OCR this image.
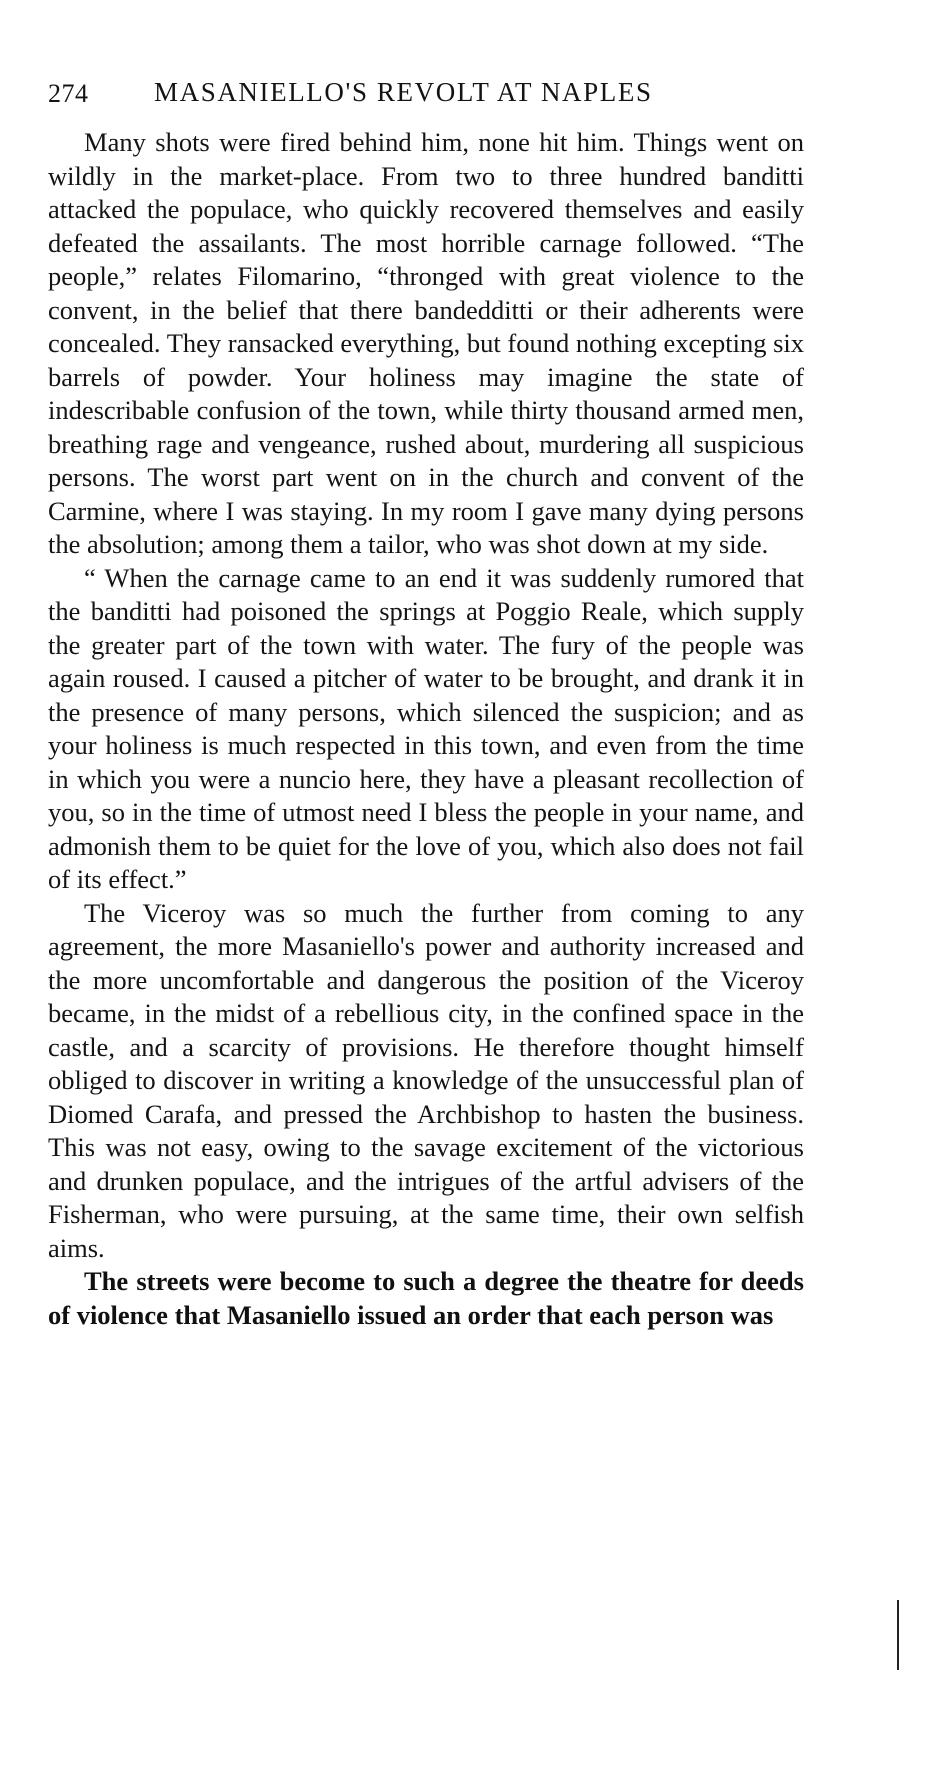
274 MASANIELLO'S REVOLT AT NAPLES

Many shots were fired behind him, none hit him. Things went on wildly in the market-place. From two to three hundred banditti attacked the populace, who quickly recovered themselves and easily defeated the assailants. The most horrible carnage followed. “The people,” relates Filomarino, “thronged with great violence to the convent, in the belief that there bandedditti or their adherents were concealed. They ransacked everything, but found nothing excepting six barrels of powder. Your holiness may imagine the state of indescribable confusion of the town, while thirty thousand armed men, breathing rage and vengeance, rushed about, murdering all suspicious persons. The worst part went on in the church and convent of the Carmine, where I was staying. In my room I gave many dying persons the absolution; among them a tailor, who was shot down at my side.

“ When the carnage came to an end it was suddenly rumored that the banditti had poisoned the springs at Poggio Reale, which supply the greater part of the town with water. The fury of the people was again roused. I caused a pitcher of water to be brought, and drank it in the presence of many persons, which silenced the suspicion; and as your holiness is much respected in this town, and even from the time in which you were a nuncio here, they have a pleasant recollection of you, so in the time of utmost need I bless the people in your name, and admonish them to be quiet for the love of you, which also does not fail of its effect.”

The Viceroy was so much the further from coming to any agreement, the more Masaniello's power and authority increased and the more uncomfortable and dangerous the position of the Viceroy became, in the midst of a rebellious city, in the confined space in the castle, and a scarcity of provisions. He therefore thought himself obliged to discover in writing a knowledge of the unsuccessful plan of Diomed Carafa, and pressed the Archbishop to hasten the business. This was not easy, owing to the savage excitement of the victorious and drunken populace, and the intrigues of the artful advisers of the Fisherman, who were pursuing, at the same time, their own selfish aims.

The streets were become to such a degree the theatre for deeds of violence that Masaniello issued an order that each person was
